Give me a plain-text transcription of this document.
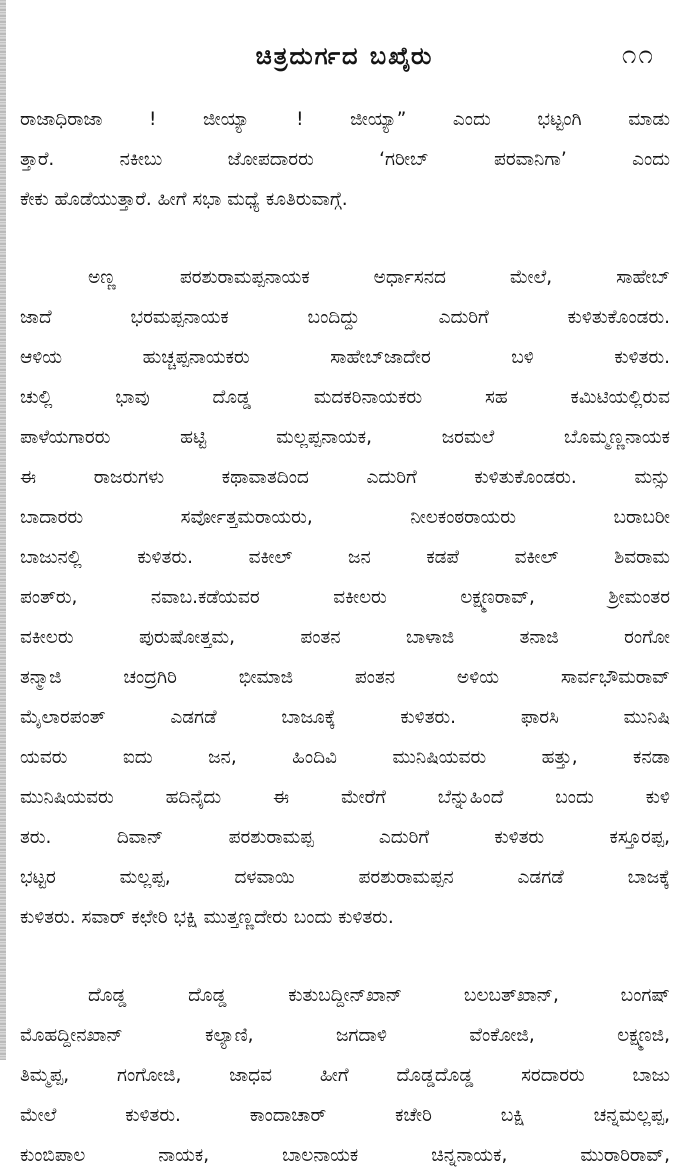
ಚಿತ್ರದುರ್ಗದ ಬಖೈರು	೧೧
ರಾಜಾಧಿರಾಜಾ ! ಜೀಯ್ಯಾ ! ಜೀಯ್ಯಾ” ಎಂದು ಭಟ್ಟಂಗಿ ಮಾಡು
ತ್ತಾರೆ. ನಕೀಬು ಜೋಪದಾರರು ‘ಗರೀಬ್ ಪರವಾನಿಗಾ’ ಎಂದು
ಕೇಕು ಹೊಡೆಯುತ್ತಾರೆ. ಹೀಗೆ ಸಭಾ ಮಧ್ಯೆ ಕೂತಿರುವಾಗ್ಗೆ.
ಅಣ್ಣ ಪರಶುರಾಮಪ್ಪನಾಯಕ ಅರ್ಧಾಸನದ ಮೇಲೆ, ಸಾಹೇಬ್
ಜಾದೆ ಭರಮಪ್ಪನಾಯಕ ಬಂದಿದ್ದು ಎದುರಿಗೆ ಕುಳಿತುಕೊಂಡರು.
ಆಳಿಯ ಹುಚ್ಚಪ್ಪನಾಯಕರು ಸಾಹೇಬ್‌ಜಾದೇರ ಬಳಿ ಕುಳಿತರು.
ಚುಲ್ಲಿ ಭಾವು ದೊಡ್ಡ ಮದಕರಿನಾಯಕರು ಸಹ ಕಮಿಟಿಯಲ್ಲಿರುವ
ಪಾಳೆಯಗಾರರು ಹಟ್ಟಿ ಮಲ್ಲಪ್ಪನಾಯಕ, ಜರಮಲೆ ಬೊಮ್ಮಣ್ಣನಾಯಕ
ಈ ರಾಜರುಗಳು ಕಥಾವಾತದಿಂದ ಎದುರಿಗೆ ಕುಳಿತುಕೊಂಡರು. ಮನ್ಸು
ಬಾದಾರರು ಸರ್ವೋತ್ತಮರಾಯರು, ನೀಲಕಂಠರಾಯರು ಬರಾಬರೀ
ಬಾಜುನಲ್ಲಿ ಕುಳಿತರು. ವಕೀಲ್ ಜನ ಕಡಪೆ ವಕೀಲ್ ಶಿವರಾಮ
ಪಂತ್‌ರು, ನವಾಬ.ಕಡೆಯವರ ವಕೀಲರು ಲಕ್ಷ್ಮಣರಾವ್, ಶ್ರೀಮಂತರ
ವಕೀಲರು ಪುರುಷೋತ್ತಮ, ಪಂತನ ಬಾಳಾಜಿ ತನಾಜಿ ರಂಗೋ
ತನ್ಮಾಜಿ ಚಂದ್ರಗಿರಿ ಭೀಮಾಜಿ ಪಂತನ ಅಳಿಯ ಸಾರ್ವಭೌಮರಾವ್
ಮೈಲಾರಪಂತ್ ಎಡಗಡೆ ಬಾಜೂಕ್ಕೆ ಕುಳಿತರು. ಫಾರಸಿ ಮುನಿಷಿ
ಯವರು ಐದು ಜನ, ಹಿಂದಿವಿ ಮುನಿಷಿಯವರು ಹತ್ತು, ಕನಡಾ
ಮುನಿಷಿಯವರು ಹದಿನೈದು ಈ ಮೇರೆಗೆ ಬೆನ್ನುಹಿಂದೆ ಬಂದು ಕುಳಿ
ತರು. ದಿವಾನ್ ಪರಶುರಾಮಪ್ಪ ಎದುರಿಗೆ ಕುಳಿತರು ಕಸ್ತೂರಪ್ಪ,
ಭಟ್ಟರ ಮಲ್ಲಪ್ಪ, ದಳವಾಯಿ ಪರಶುರಾಮಪ್ಪನ ಎಡಗಡೆ ಬಾಜಕ್ಕೆ
ಕುಳಿತರು. ಸವಾರ್ ಕಛೇರಿ ಭಕ್ಷಿ ಮುತ್ತಣ್ಣದೇರು ಬಂದು ಕುಳಿತರು.
ದೊಡ್ಡ ದೊಡ್ಡ ಕುತುಬದ್ದೀನ್‌ಖಾನ್ ಬಲಬತ್‌ಖಾನ್, ಬಂಗಷ್
ಮೊಹದ್ದೀನಖಾನ್ ಕಲ್ಯಾಣಿ, ಜಗದಾಳಿ ವೆಂಕೋಜಿ, ಲಕ್ಷ್ಮಣಜಿ,
ತಿಮ್ಮಪ್ಪ, ಗಂಗೋಜಿ, ಜಾಧವ ಹೀಗೆ ದೊಡ್ಡದೊಡ್ಡ ಸರದಾರರು ಬಾಜು
ಮೇಲೆ ಕುಳಿತರು. ಕಾಂದಾಚಾರ್ ಕಚೇರಿ ಬಕ್ಷಿ ಚನ್ನಮಲ್ಲಪ್ಪ,
ಕುಂಬಿಪಾಲ ನಾಯಕ, ಬಾಲನಾಯಕ ಚಿನ್ನನಾಯಕ, ಮುರಾರಿರಾವ್,
